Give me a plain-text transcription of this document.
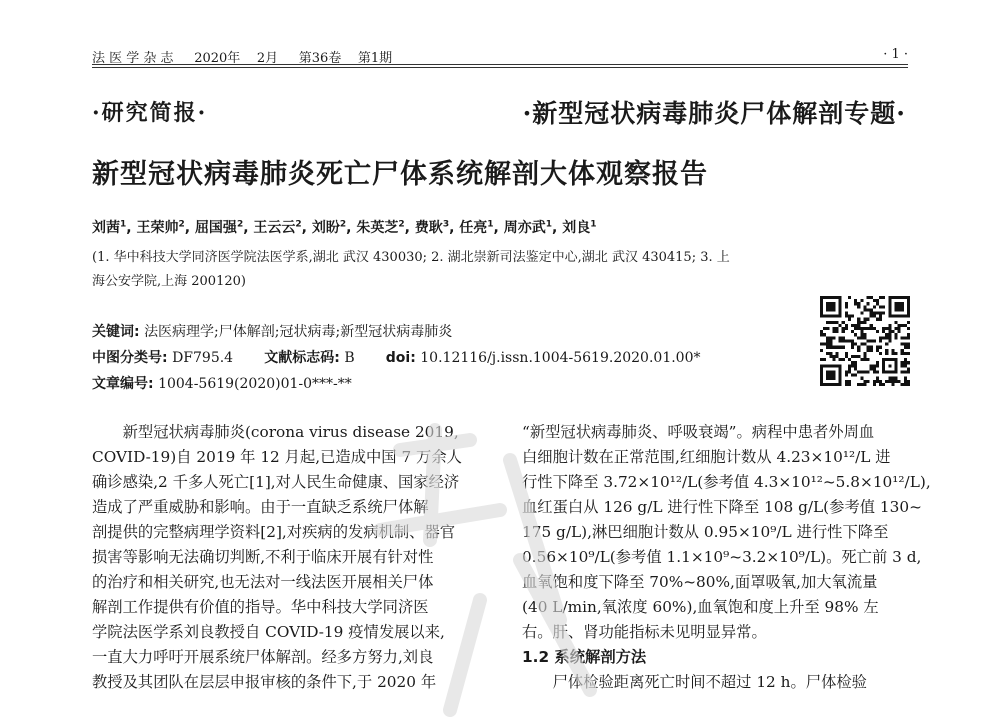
法 医 学 杂 志 2020年 2月 第36卷 第1期	· 1 ·
·研究简报·	·新型冠状病毒肺炎尸体解剖专题·
新型冠状病毒肺炎死亡尸体系统解剖大体观察报告
刘茜$^1$, 王荣帅$^2$, 屈国强$^2$, 王云云$^2$, 刘盼$^2$, 朱英芝$^2$, 费耿$^3$, 任亮$^1$, 周亦武$^1$, 刘良$^1$
(1. 华中科技大学同济医学院法医学系,湖北 武汉 430030; 2. 湖北崇新司法鉴定中心,湖北 武汉 430415; 3. 上
海公安学院,上海 200120)
关键词: 法医病理学;尸体解剖;冠状病毒;新型冠状病毒肺炎
中图分类号: DF795.4 文献标志码: B doi: 10.12116/j.issn.1004-5619.2020.01.00*
文章编号: 1004-5619(2020)01-0***-**
新型冠状病毒肺炎(corona virus disease 2019,
COVID-19)自 2019 年 12 月起,已造成中国 7 万余人
确诊感染,2 千多人死亡[1],对人民生命健康、国家经济
造成了严重威胁和影响。由于一直缺乏系统尸体解
剖提供的完整病理学资料[2],对疾病的发病机制、器官
损害等影响无法确切判断,不利于临床开展有针对性
的治疗和相关研究,也无法对一线法医开展相关尸体
解剖工作提供有价值的指导。华中科技大学同济医
学院法医学系刘良教授自 COVID-19 疫情发展以来,
一直大力呼吁开展系统尸体解剖。经多方努力,刘良
教授及其团队在层层申报审核的条件下,于 2020 年
“新型冠状病毒肺炎、呼吸衰竭”。病程中患者外周血
白细胞计数在正常范围,红细胞计数从 4.23×10¹²/L 进
行性下降至 3.72×10¹²/L(参考值 4.3×10¹²~5.8×10¹²/L),
血红蛋白从 126 g/L 进行性下降至 108 g/L(参考值 130~
175 g/L),淋巴细胞计数从 0.95×10⁹/L 进行性下降至
0.56×10⁹/L(参考值 1.1×10⁹~3.2×10⁹/L)。死亡前 3 d,
血氧饱和度下降至 70%~80%,面罩吸氧,加大氧流量
(40 L/min,氧浓度 60%),血氧饱和度上升至 98% 左
右。肝、肾功能指标未见明显异常。
1.2 系统解剖方法
尸体检验距离死亡时间不超过 12 h。尸体检验
